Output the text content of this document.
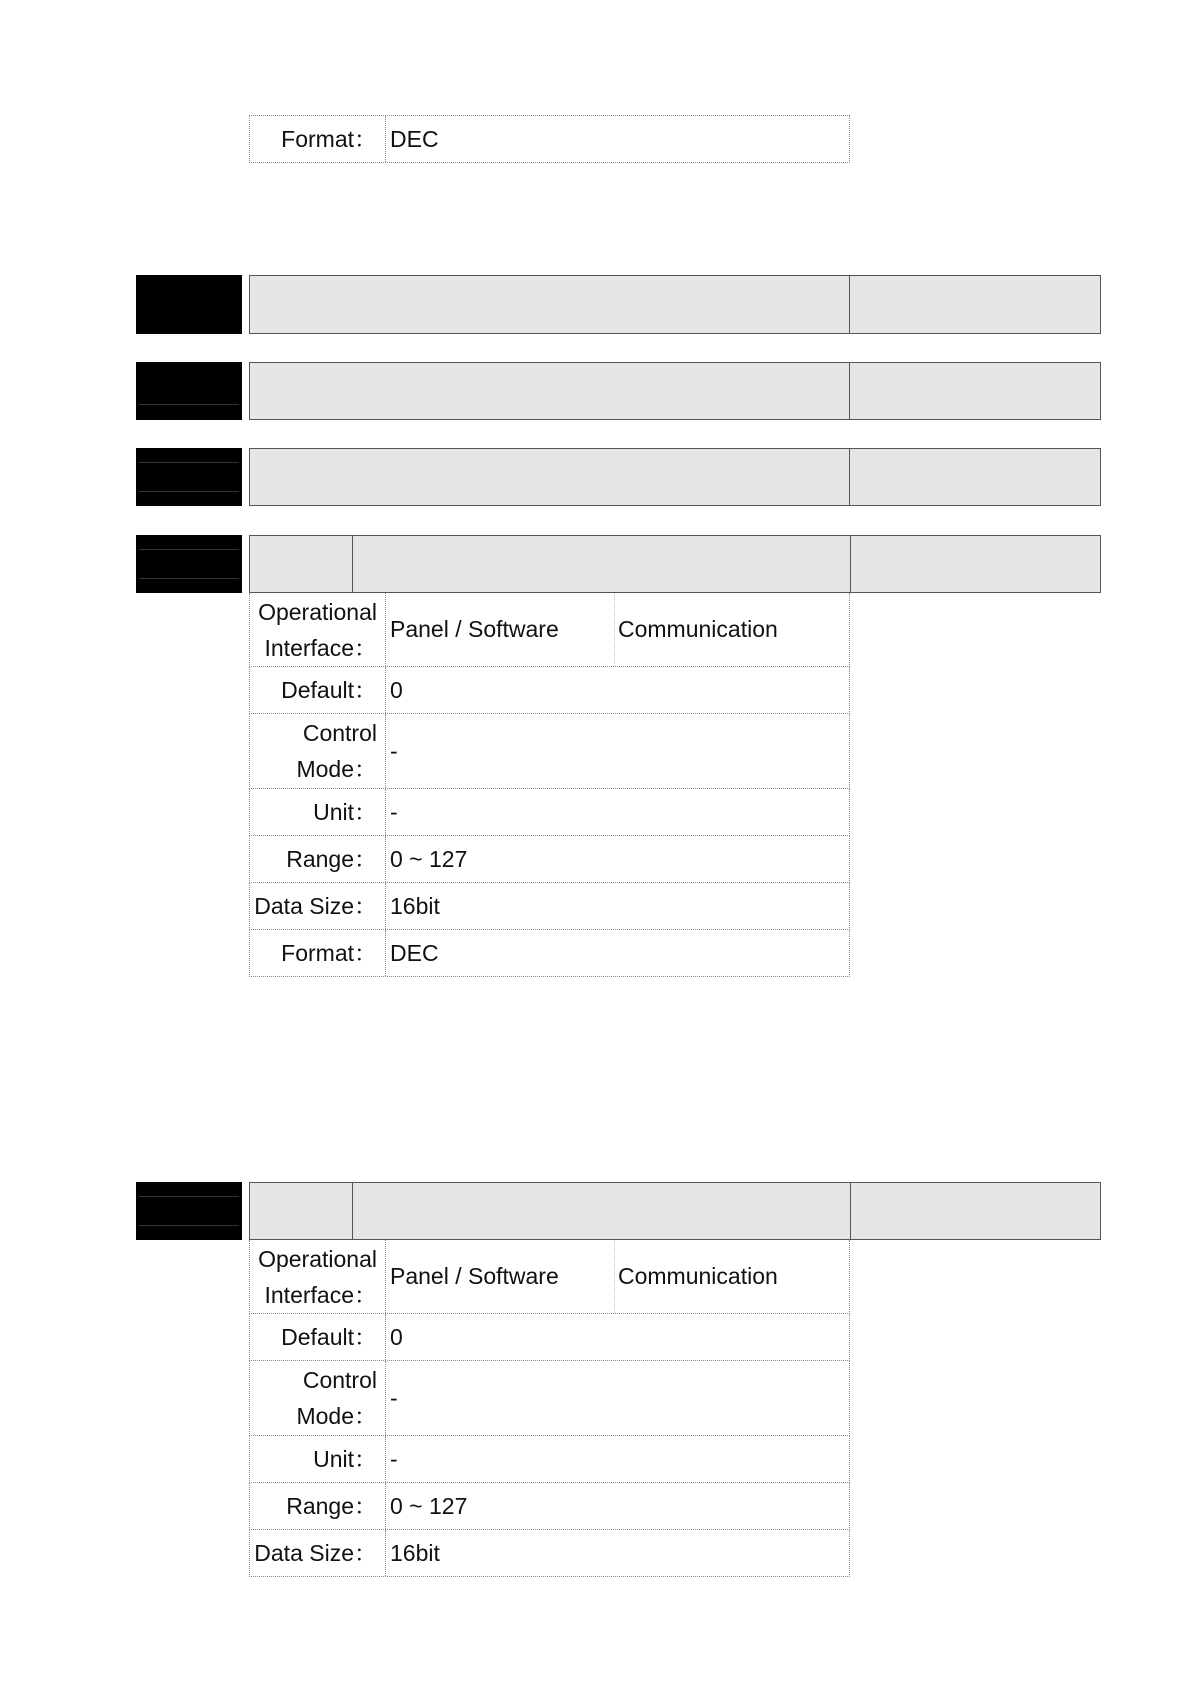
Format： DEC
Operational
Interface：
Panel / Software	Communication
Default： 0
Control
Mode：
-
Unit： -
Range： 0 ~ 127
Data Size： 16bit
Format： DEC
Operational
Interface：
Panel / Software	Communication
Default： 0
Control
Mode：
-
Unit： -
Range： 0 ~ 127
Data Size： 16bit
